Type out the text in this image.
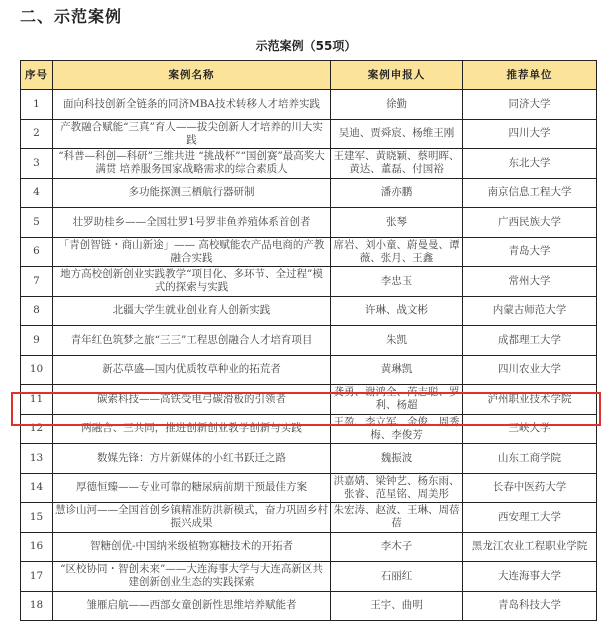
二、示范案例
示范案例（55项）
序号	案例名称	案例申报人	推荐单位
1	面向科技创新全链条的同济MBA技术转移人才培养实践	徐勤	同济大学
2	产教融合赋能“三真”育人——拔尖创新人才培养的川大实践	吴迪、贾舜宸、杨维王刚	四川大学
3	“科普—科创—科研”三维共进 “挑战杯”“国创赛”最高奖大满贯 培养服务国家战略需求的综合素质人	王建军、黄晓颖、蔡明晖、黄达、董磊、付国裕	东北大学
4	多功能探测三栖航行器研制	潘亦鹏	南京信息工程大学
5	壮罗助桂乡——全国壮罗1号罗非鱼养殖体系首创者	张琴	广西民族大学
6	「青创智链・商山新途」—— 高校赋能农产品电商的产教融合实践	席岩、刘小童、蔚曼曼、谭薇、张月、王鑫	青岛大学
7	地方高校创新创业实践教学“项目化、多环节、全过程”模式的探索与实践	李忠玉	常州大学
8	北疆大学生就业创业育人创新实践	许琳、战文彬	内蒙古师范大学
9	青年红色筑梦之旅“三三”工程思创融合人才培育项目	朱凯	成都理工大学
10	新芯草盛—国内优质牧草种业的拓荒者	黄琳凯	四川农业大学
11	碳索科技——高铁受电弓碳滑板的引领者	龚勇、谢鸿全、芮志聪、罗利、杨超	泸州职业技术学院
12	两融合、三共同，推进创新创业教学创新与实践	王盈、李立军、金俊、周秀梅、李俊芳	三峡大学
13	数媒先锋：方片新媒体的小红书跃迁之路	魏振波	山东工商学院
14	厚德恒臻——专业可靠的糖尿病前期干预最佳方案	洪嘉婧、梁钟艺、杨东雨、张睿、范星铭、周美彤	长春中医药大学
15	慧诊山河——全国首创乡镇精准防洪新模式，奋力巩固乡村振兴成果	朱宏涛、赵波、王琳、周蓓蓓	西安理工大学
16	智糖创优-中国纳米级植物寡糖技术的开拓者	李木子	黑龙江农业工程职业学院
17	“区校协同・智创未来”——大连海事大学与大连高新区共建创新创业生态的实践探索	石丽红	大连海事大学
18	雏雁启航——西部女童创新性思维培养赋能者	王宇、曲明	青岛科技大学
